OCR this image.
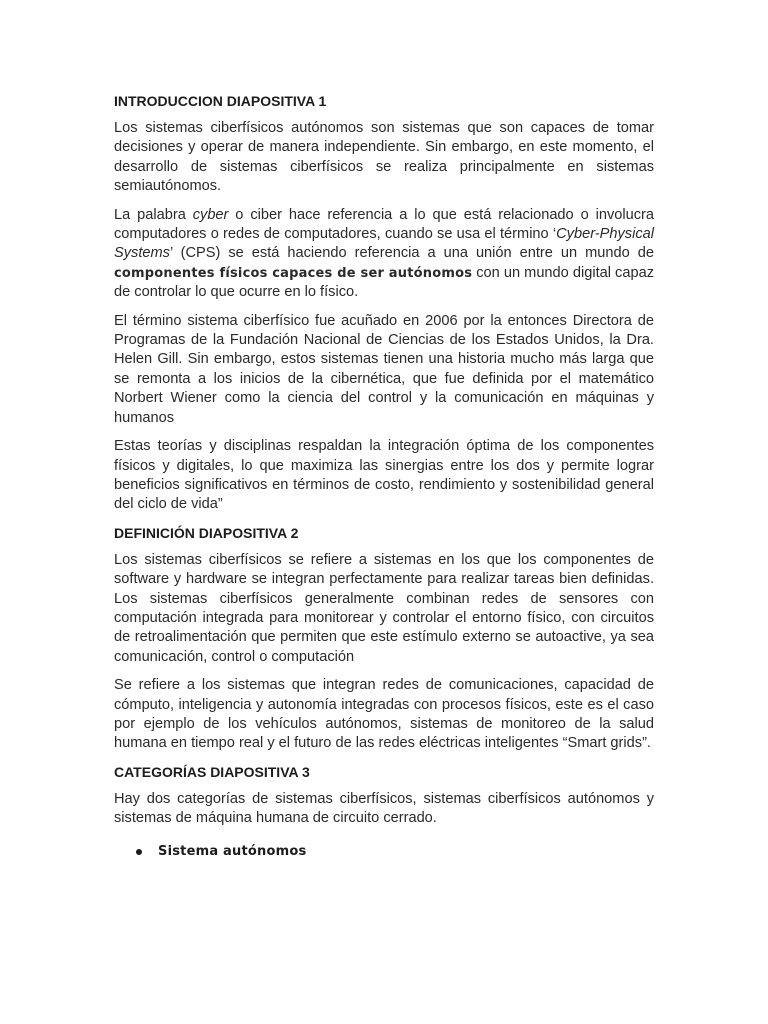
INTRODUCCION DIAPOSITIVA 1

Los sistemas ciberfísicos autónomos son sistemas que son capaces de tomar decisiones y operar de manera independiente. Sin embargo, en este momento, el desarrollo de sistemas ciberfísicos se realiza principalmente en sistemas semiautónomos.

La palabra cyber o ciber hace referencia a lo que está relacionado o involucra computadores o redes de computadores, cuando se usa el término ‘Cyber-Physical Systems’ (CPS) se está haciendo referencia a una unión entre un mundo de componentes físicos capaces de ser autónomos con un mundo digital capaz de controlar lo que ocurre en lo físico.

El término sistema ciberfísico fue acuñado en 2006 por la entonces Directora de Programas de la Fundación Nacional de Ciencias de los Estados Unidos, la Dra. Helen Gill. Sin embargo, estos sistemas tienen una historia mucho más larga que se remonta a los inicios de la cibernética, que fue definida por el matemático Norbert Wiener como la ciencia del control y la comunicación en máquinas y humanos

Estas teorías y disciplinas respaldan la integración óptima de los componentes físicos y digitales, lo que maximiza las sinergias entre los dos y permite lograr beneficios significativos en términos de costo, rendimiento y sostenibilidad general del ciclo de vida”

DEFINICIÓN DIAPOSITIVA 2

Los sistemas ciberfísicos se refiere a sistemas en los que los componentes de software y hardware se integran perfectamente para realizar tareas bien definidas. Los sistemas ciberfísicos generalmente combinan redes de sensores con computación integrada para monitorear y controlar el entorno físico, con circuitos de retroalimentación que permiten que este estímulo externo se autoactive, ya sea comunicación, control o computación

Se refiere a los sistemas que integran redes de comunicaciones, capacidad de cómputo, inteligencia y autonomía integradas con procesos físicos, este es el caso por ejemplo de los vehículos autónomos, sistemas de monitoreo de la salud humana en tiempo real y el futuro de las redes eléctricas inteligentes “Smart grids”.

CATEGORÍAS DIAPOSITIVA 3

Hay dos categorías de sistemas ciberfísicos, sistemas ciberfísicos autónomos y sistemas de máquina humana de circuito cerrado.

Sistema autónomos
